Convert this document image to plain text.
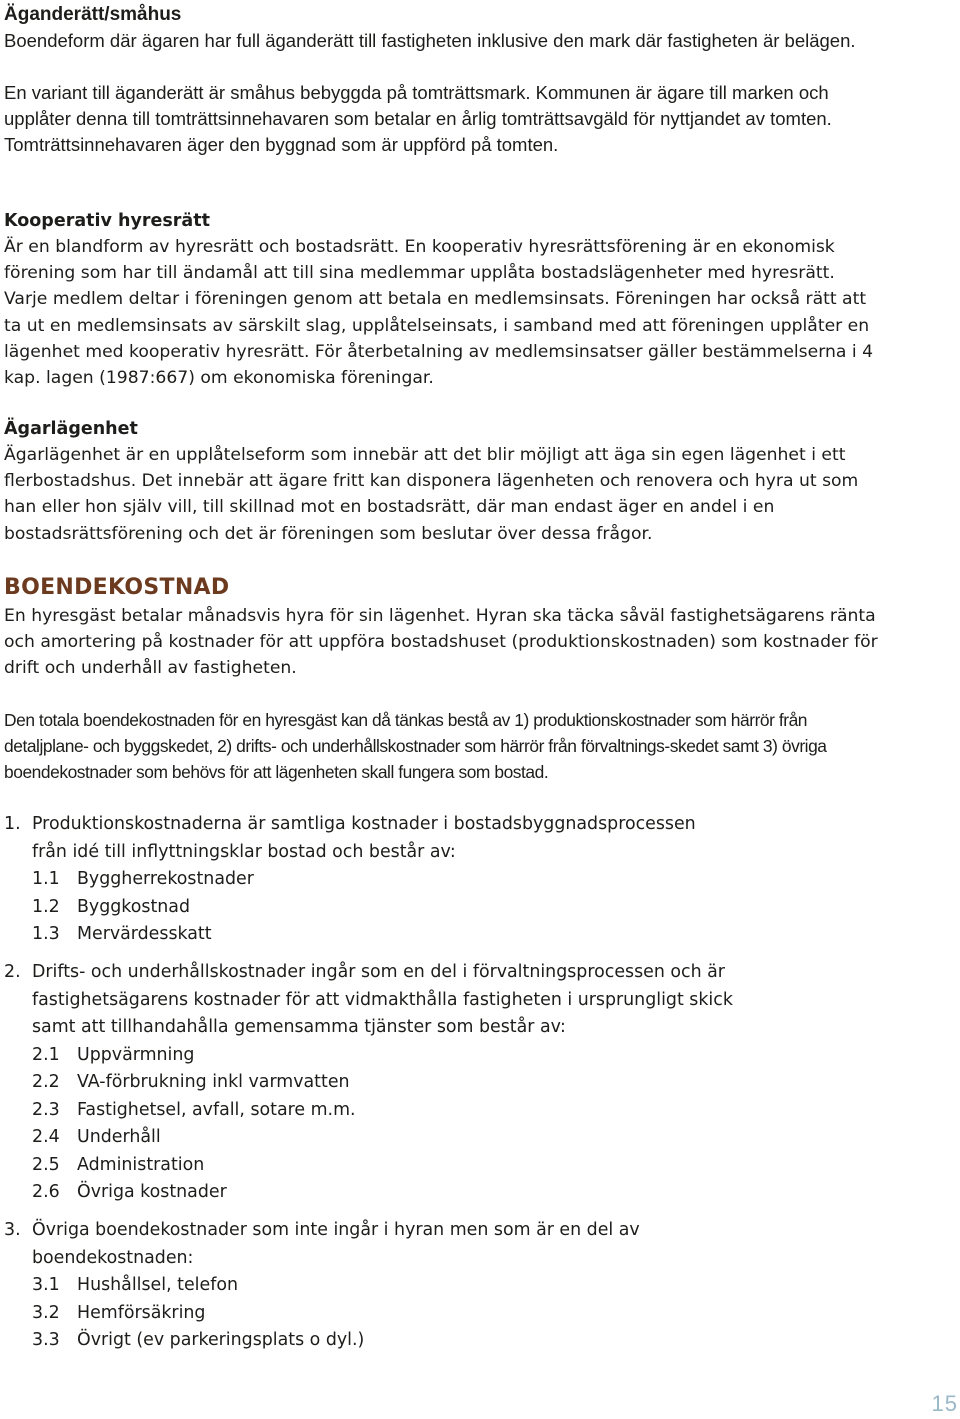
Äganderätt/småhus

Boendeform där ägaren har full äganderätt till fastigheten inklusive den mark där fastigheten är belägen.

En variant till äganderätt är småhus bebyggda på tomträttsmark. Kommunen är ägare till marken och upplåter denna till tomträttsinnehavaren som betalar en årlig tomträttsavgäld för nyttjandet av tomten. Tomträttsinnehavaren äger den byggnad som är uppförd på tomten.

Kooperativ hyresrätt

Är en blandform av hyresrätt och bostadsrätt. En kooperativ hyresrättsförening är en ekonomisk förening som har till ändamål att till sina medlemmar upplåta bostadslägenheter med hyresrätt. Varje medlem deltar i föreningen genom att betala en medlemsinsats. Föreningen har också rätt att ta ut en medlemsinsats av särskilt slag, upplåtelseinsats, i samband med att föreningen upplåter en lägenhet med kooperativ hyresrätt. För återbetalning av medlemsinsatser gäller bestämmelserna i 4 kap. lagen (1987:667) om ekonomiska föreningar.

Ägarlägenhet

Ägarlägenhet är en upplåtelseform som innebär att det blir möjligt att äga sin egen lägenhet i ett flerbostadshus. Det innebär att ägare fritt kan disponera lägenheten och renovera och hyra ut som han eller hon själv vill, till skillnad mot en bostadsrätt, där man endast äger en andel i en bostadsrättsförening och det är föreningen som beslutar över dessa frågor.

BOENDEKOSTNAD

En hyresgäst betalar månadsvis hyra för sin lägenhet. Hyran ska täcka såväl fastighetsägarens ränta och amortering på kostnader för att uppföra bostadshuset (produktionskostnaden) som kostnader för drift och underhåll av fastigheten.

Den totala boendekostnaden för en hyresgäst kan då tänkas bestå av 1) produktionskostnader som härrör från detaljplane- och byggskedet, 2) drifts- och underhållskostnader som härrör från förvaltnings-skedet samt 3) övriga boendekostnader som behövs för att lägenheten skall fungera som bostad.

1. Produktionskostnaderna är samtliga kostnader i bostadsbyggnadsprocessen
från idé till inflyttningsklar bostad och består av:
1.1 Byggherrekostnader
1.2 Byggkostnad
1.3 Mervärdesskatt
2. Drifts- och underhållskostnader ingår som en del i förvaltningsprocessen och är
fastighetsägarens kostnader för att vidmakthålla fastigheten i ursprungligt skick
samt att tillhandahålla gemensamma tjänster som består av:
2.1 Uppvärmning
2.2 VA-förbrukning inkl varmvatten
2.3 Fastighetsel, avfall, sotare m.m.
2.4 Underhåll
2.5 Administration
2.6 Övriga kostnader
3. Övriga boendekostnader som inte ingår i hyran men som är en del av
boendekostnaden:
3.1 Hushållsel, telefon
3.2 Hemförsäkring
3.3 Övrigt (ev parkeringsplats o dyl.)
15
